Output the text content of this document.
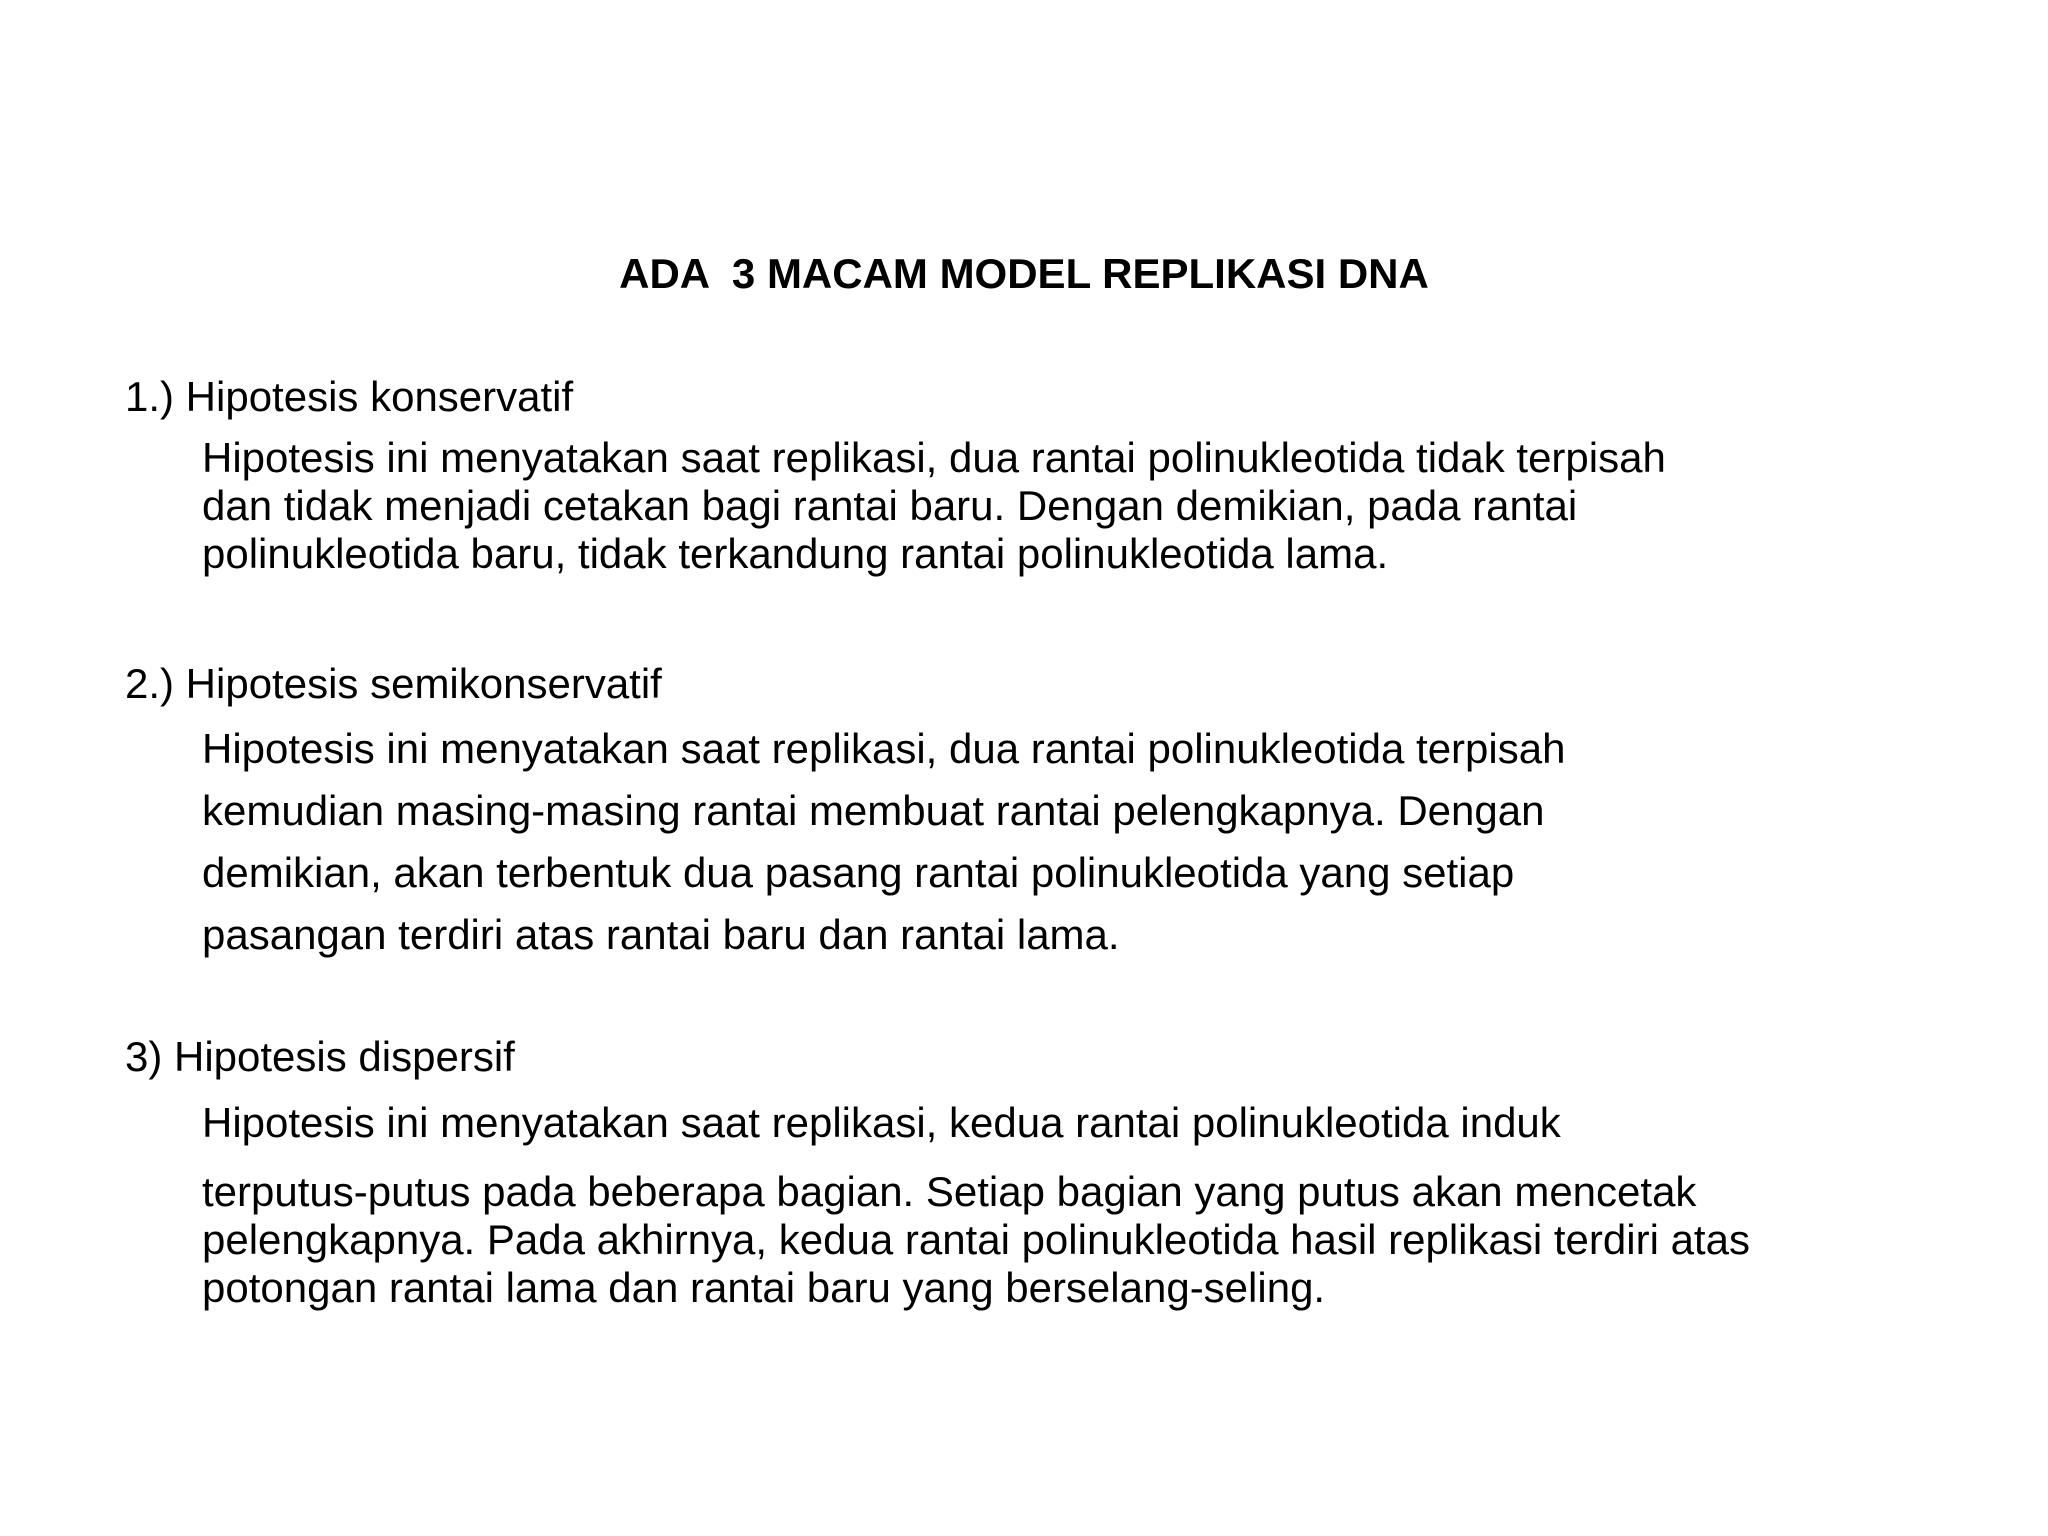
ADA  3 MACAM MODEL REPLIKASI DNA
1.) Hipotesis konservatif
Hipotesis ini menyatakan saat replikasi, dua rantai polinukleotida tidak terpisah
dan tidak menjadi cetakan bagi rantai baru. Dengan demikian, pada rantai
polinukleotida baru, tidak terkandung rantai polinukleotida lama.
2.) Hipotesis semikonservatif
Hipotesis ini menyatakan saat replikasi, dua rantai polinukleotida terpisah
kemudian masing-masing rantai membuat rantai pelengkapnya. Dengan
demikian, akan terbentuk dua pasang rantai polinukleotida yang setiap
pasangan terdiri atas rantai baru dan rantai lama.
3) Hipotesis dispersif
Hipotesis ini menyatakan saat replikasi, kedua rantai polinukleotida induk
terputus-putus pada beberapa bagian. Setiap bagian yang putus akan mencetak
pelengkapnya. Pada akhirnya, kedua rantai polinukleotida hasil replikasi terdiri atas
potongan rantai lama dan rantai baru yang berselang-seling.
